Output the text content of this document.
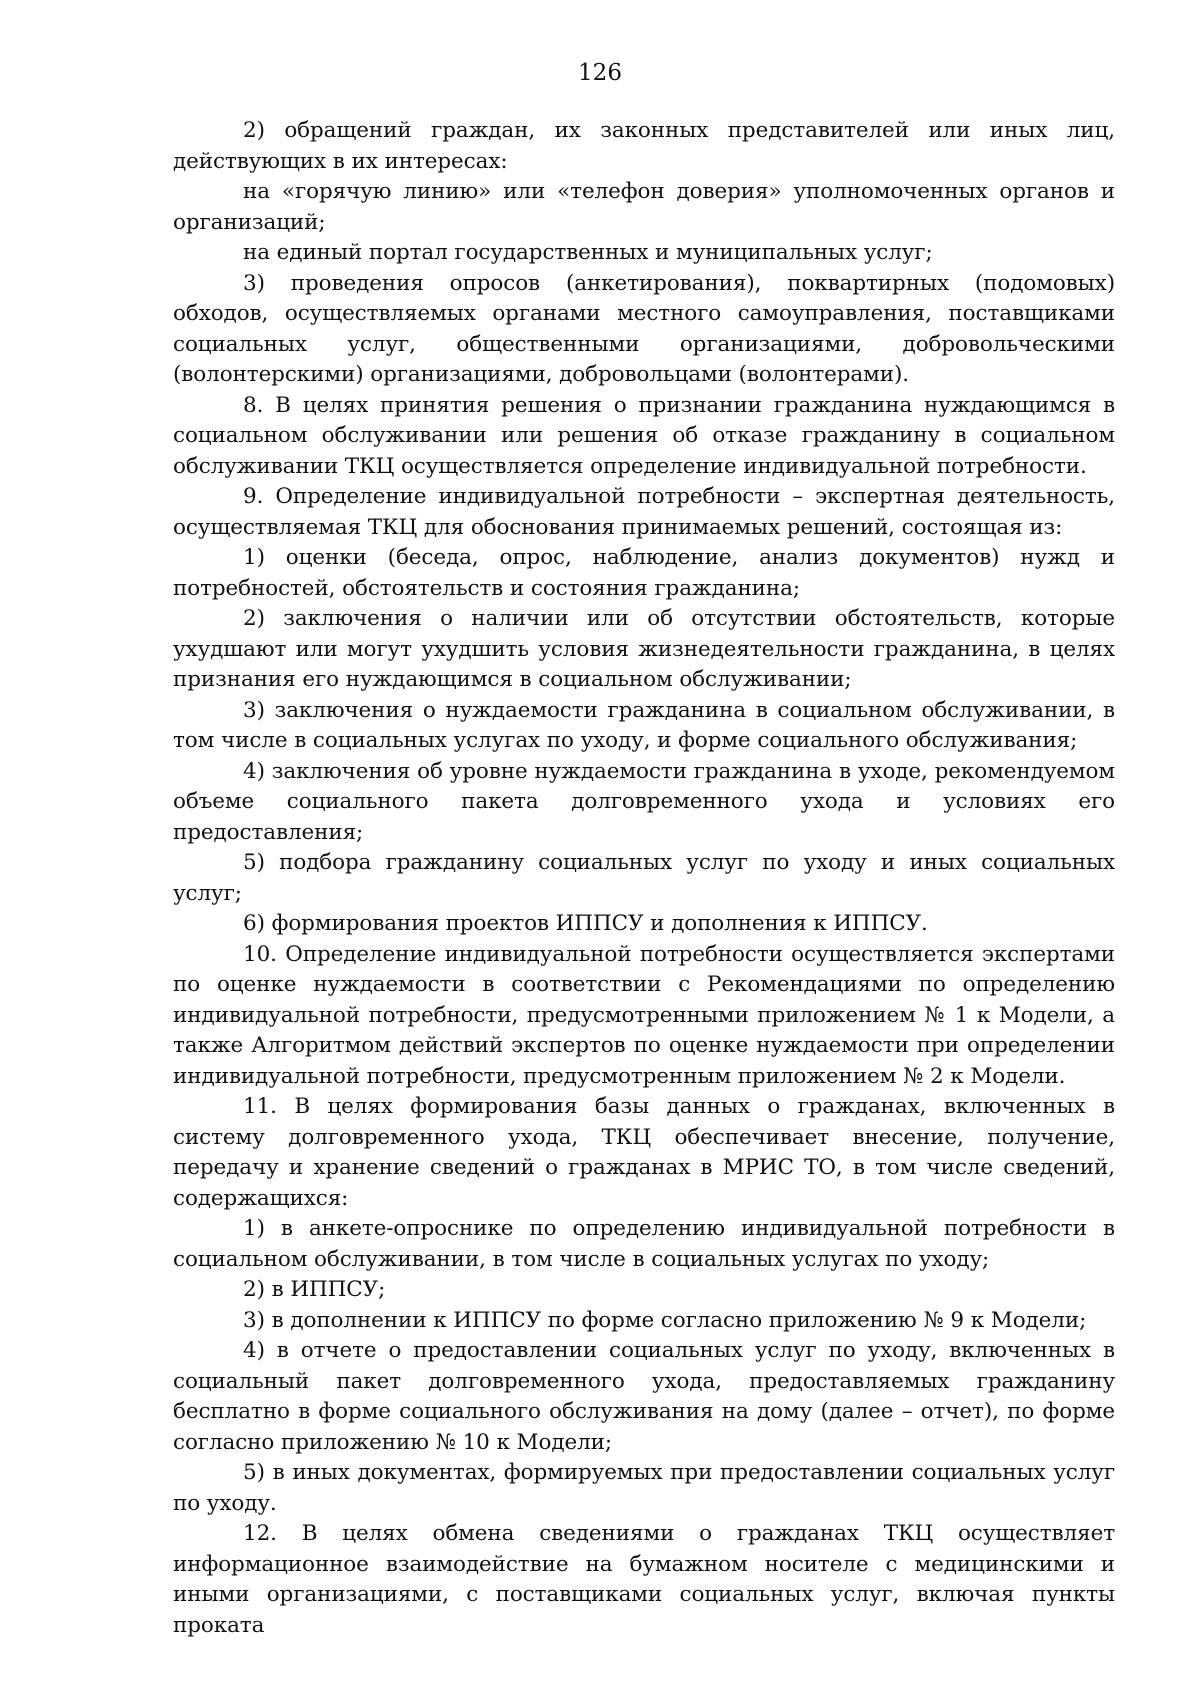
126

2) обращений граждан, их законных представителей или иных лиц, действующих в их интересах:

на «горячую линию» или «телефон доверия» уполномоченных органов и организаций;

на единый портал государственных и муниципальных услуг;

3) проведения опросов (анкетирования), поквартирных (подомовых) обходов, осуществляемых органами местного самоуправления, поставщиками социальных услуг, общественными организациями, добровольческими (волонтерскими) организациями, добровольцами (волонтерами).

8. В целях принятия решения о признании гражданина нуждающимся в социальном обслуживании или решения об отказе гражданину в социальном обслуживании ТКЦ осуществляется определение индивидуальной потребности.

9. Определение индивидуальной потребности – экспертная деятельность, осуществляемая ТКЦ для обоснования принимаемых решений, состоящая из:

1) оценки (беседа, опрос, наблюдение, анализ документов) нужд и потребностей, обстоятельств и состояния гражданина;

2) заключения о наличии или об отсутствии обстоятельств, которые ухудшают или могут ухудшить условия жизнедеятельности гражданина, в целях признания его нуждающимся в социальном обслуживании;

3) заключения о нуждаемости гражданина в социальном обслуживании, в том числе в социальных услугах по уходу, и форме социального обслуживания;

4) заключения об уровне нуждаемости гражданина в уходе, рекомендуемом объеме социального пакета долговременного ухода и условиях его предоставления;

5) подбора гражданину социальных услуг по уходу и иных социальных услуг;

6) формирования проектов ИППСУ и дополнения к ИППСУ.

10. Определение индивидуальной потребности осуществляется экспертами по оценке нуждаемости в соответствии с Рекомендациями по определению индивидуальной потребности, предусмотренными приложением № 1 к Модели, а также Алгоритмом действий экспертов по оценке нуждаемости при определении индивидуальной потребности, предусмотренным приложением № 2 к Модели.

11. В целях формирования базы данных о гражданах, включенных в систему долговременного ухода, ТКЦ обеспечивает внесение, получение, передачу и хранение сведений о гражданах в МРИС ТО, в том числе сведений, содержащихся:

1) в анкете-опроснике по определению индивидуальной потребности в социальном обслуживании, в том числе в социальных услугах по уходу;

2) в ИППСУ;

3) в дополнении к ИППСУ по форме согласно приложению № 9 к Модели;

4) в отчете о предоставлении социальных услуг по уходу, включенных в социальный пакет долговременного ухода, предоставляемых гражданину бесплатно в форме социального обслуживания на дому (далее – отчет), по форме согласно приложению № 10 к Модели;

5) в иных документах, формируемых при предоставлении социальных услуг по уходу.

12. В целях обмена сведениями о гражданах ТКЦ осуществляет информационное взаимодействие на бумажном носителе с медицинскими и иными организациями, с поставщиками социальных услуг, включая пункты проката
